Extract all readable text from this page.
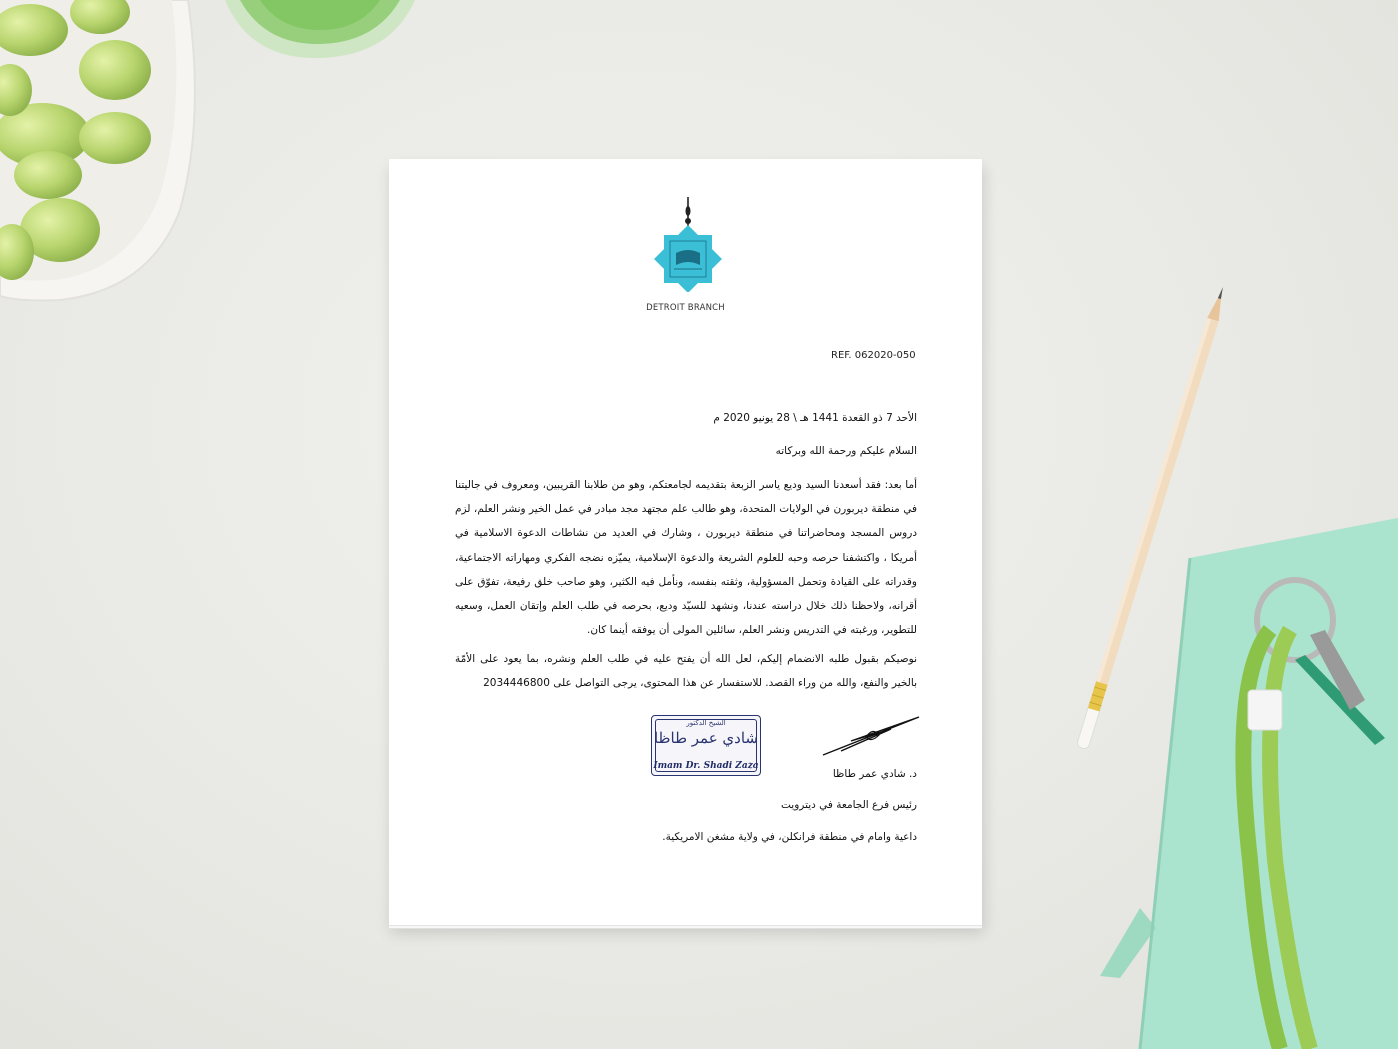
DETROIT BRANCH
REF. 062020-050
الأحد 7 ذو القعدة 1441 هـ \ 28 يونيو 2020 م
السلام عليكم ورحمة الله وبركاته
أما بعد: فقد أسعدنا السيد وديع ياسر الزبعة بتقديمه لجامعتكم، وهو من طلابنا القريبين، ومعروف في جاليتنا في منطقة ديربورن في الولايات المتحدة، وهو طالب علم مجتهد مجد مبادر في عمل الخير ونشر العلم، لزم دروس المسجد ومحاضراتنا في منطقة ديربورن ، وشارك في العديد من نشاطات الدعوة الاسلامية في أمريكا ، واكتشفنا حرصه وحبه للعلوم الشريعة والدعوة الإسلامية، يميّزه نضجه الفكري ومهاراته الاجتماعية، وقدراته على القيادة وتحمل المسؤولية، وثقته بنفسه، ونأمل فيه الكثير، وهو صاحب خلق رفيعة، تفوّق على أقرانه، ولاحظنا ذلك خلال دراسته عندنا، ونشهد للسيّد وديع، بحرصه في طلب العلم وإتقان العمل، وسعيه للتطوير، ورغبته في التدريس ونشر العلم، سائلين المولى أن يوفقه أينما كان.
نوصيكم بقبول طلبه الانضمام إليكم، لعل الله أن يفتح عليه في طلب العلم ونشره، بما يعود على الأمّة بالخير والنفع، والله من وراء القصد. للاستفسار عن هذا المحتوى، يرجى التواصل على 2034446800
الشيخ الدكتور
شادي عمر طاظا
Imam Dr. Shadi Zaza
د. شادي عمر طاظا
رئيس فرع الجامعة في ديترويت
داعية وامام في منطقة فرانكلن، في ولاية مشغن الامريكية.
